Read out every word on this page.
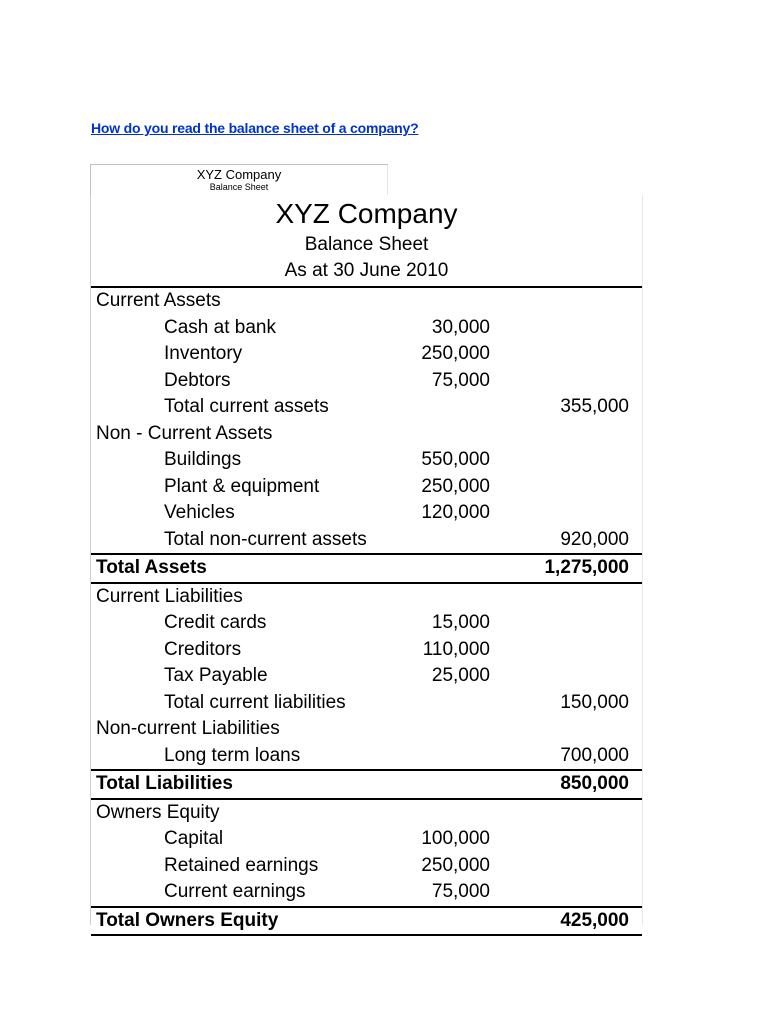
How do you read the balance sheet of a company?
XYZ Company
Balance Sheet
XYZ Company
Balance Sheet
As at 30 June 2010
Current Assets
Cash at bank	30,000
Inventory	250,000
Debtors	75,000
Total current assets	355,000
Non - Current Assets
Buildings	550,000
Plant & equipment	250,000
Vehicles	120,000
Total non-current assets	920,000
Total Assets	1,275,000
Current Liabilities
Credit cards	15,000
Creditors	110,000
Tax Payable	25,000
Total current liabilities	150,000
Non-current Liabilities
Long term loans	700,000
Total Liabilities	850,000
Owners Equity
Capital	100,000
Retained earnings	250,000
Current earnings	75,000
Total Owners Equity	425,000
